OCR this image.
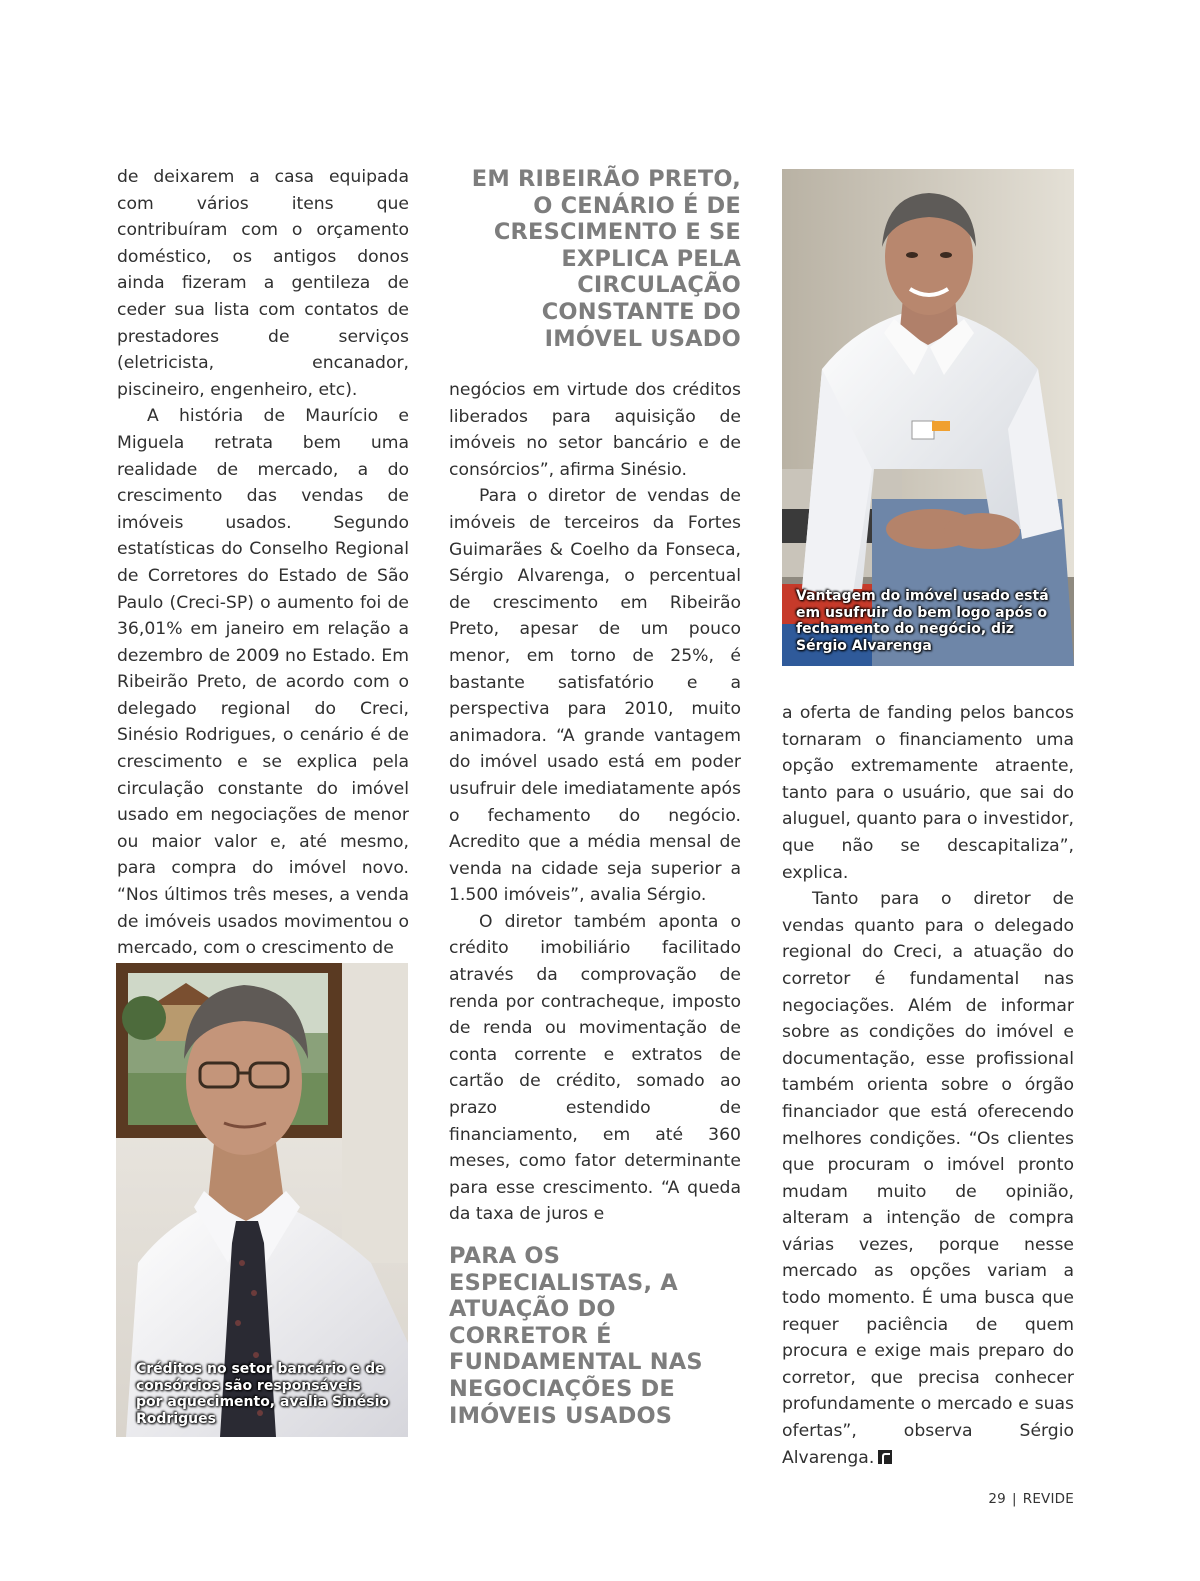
de deixarem a casa equipada com vários itens que contribuíram com o orçamento doméstico, os antigos donos ainda fizeram a gentileza de ceder sua lista com contatos de prestadores de serviços (eletricista, encanador, piscineiro, engenheiro, etc).

A história de Maurício e Miguela retrata bem uma realidade de mercado, a do crescimento das vendas de imóveis usados. Segundo estatísticas do Conselho Regional de Corretores do Estado de São Paulo (Creci-SP) o aumento foi de 36,01% em janeiro em relação a dezembro de 2009 no Estado. Em Ribeirão Preto, de acordo com o delegado regional do Creci, Sinésio Rodrigues, o cenário é de crescimento e se explica pela circulação constante do imóvel usado em negociações de menor ou maior valor e, até mesmo, para compra do imóvel novo. “Nos últimos três meses, a venda de imóveis usados movimentou o mercado, com o crescimento de

EM RIBEIRÃO PRETO, O CENÁRIO É DE CRESCIMENTO E SE EXPLICA PELA CIRCULAÇÃO CONSTANTE DO IMÓVEL USADO

negócios em virtude dos créditos liberados para aquisição de imóveis no setor bancário e de consórcios”, afirma Sinésio.

Para o diretor de vendas de imóveis de terceiros da Fortes Guimarães & Coelho da Fonseca, Sérgio Alvarenga, o percentual de crescimento em Ribeirão Preto, apesar de um pouco menor, em torno de 25%, é bastante satisfatório e a perspectiva para 2010, muito animadora. “A grande vantagem do imóvel usado está em poder usufruir dele imediatamente após o fechamento do negócio. Acredito que a média mensal de venda na cidade seja superior a 1.500 imóveis”, avalia Sérgio.

O diretor também aponta o crédito imobiliário facilitado através da comprovação de renda por contracheque, imposto de renda ou movimentação de conta corrente e extratos de cartão de crédito, somado ao prazo estendido de financiamento, em até 360 meses, como fator determinante para esse crescimento. “A queda da taxa de juros e

PARA OS ESPECIALISTAS, A ATUAÇÃO DO CORRETOR É FUNDAMENTAL NAS NEGOCIAÇÕES DE IMÓVEIS USADOS

Créditos no setor bancário e de consórcios são responsáveis por aquecimento, avalia Sinésio Rodrigues
Vantagem do imóvel usado está em usufruir do bem logo após o fechamento do negócio, diz Sérgio Alvarenga

a oferta de fanding pelos bancos tornaram o financiamento uma opção extremamente atraente, tanto para o usuário, que sai do aluguel, quanto para o investidor, que não se descapitaliza”, explica.

Tanto para o diretor de vendas quanto para o delegado regional do Creci, a atuação do corretor é fundamental nas negociações. Além de informar sobre as condições do imóvel e documentação, esse profissional também orienta sobre o órgão financiador que está oferecendo melhores condições. “Os clientes que procuram o imóvel pronto mudam muito de opinião, alteram a intenção de compra várias vezes, porque nesse mercado as opções variam a todo momento. É uma busca que requer paciência de quem procura e exige mais preparo do corretor, que precisa conhecer profundamente o mercado e suas ofertas”, observa Sérgio Alvarenga.

29 | REVIDE
